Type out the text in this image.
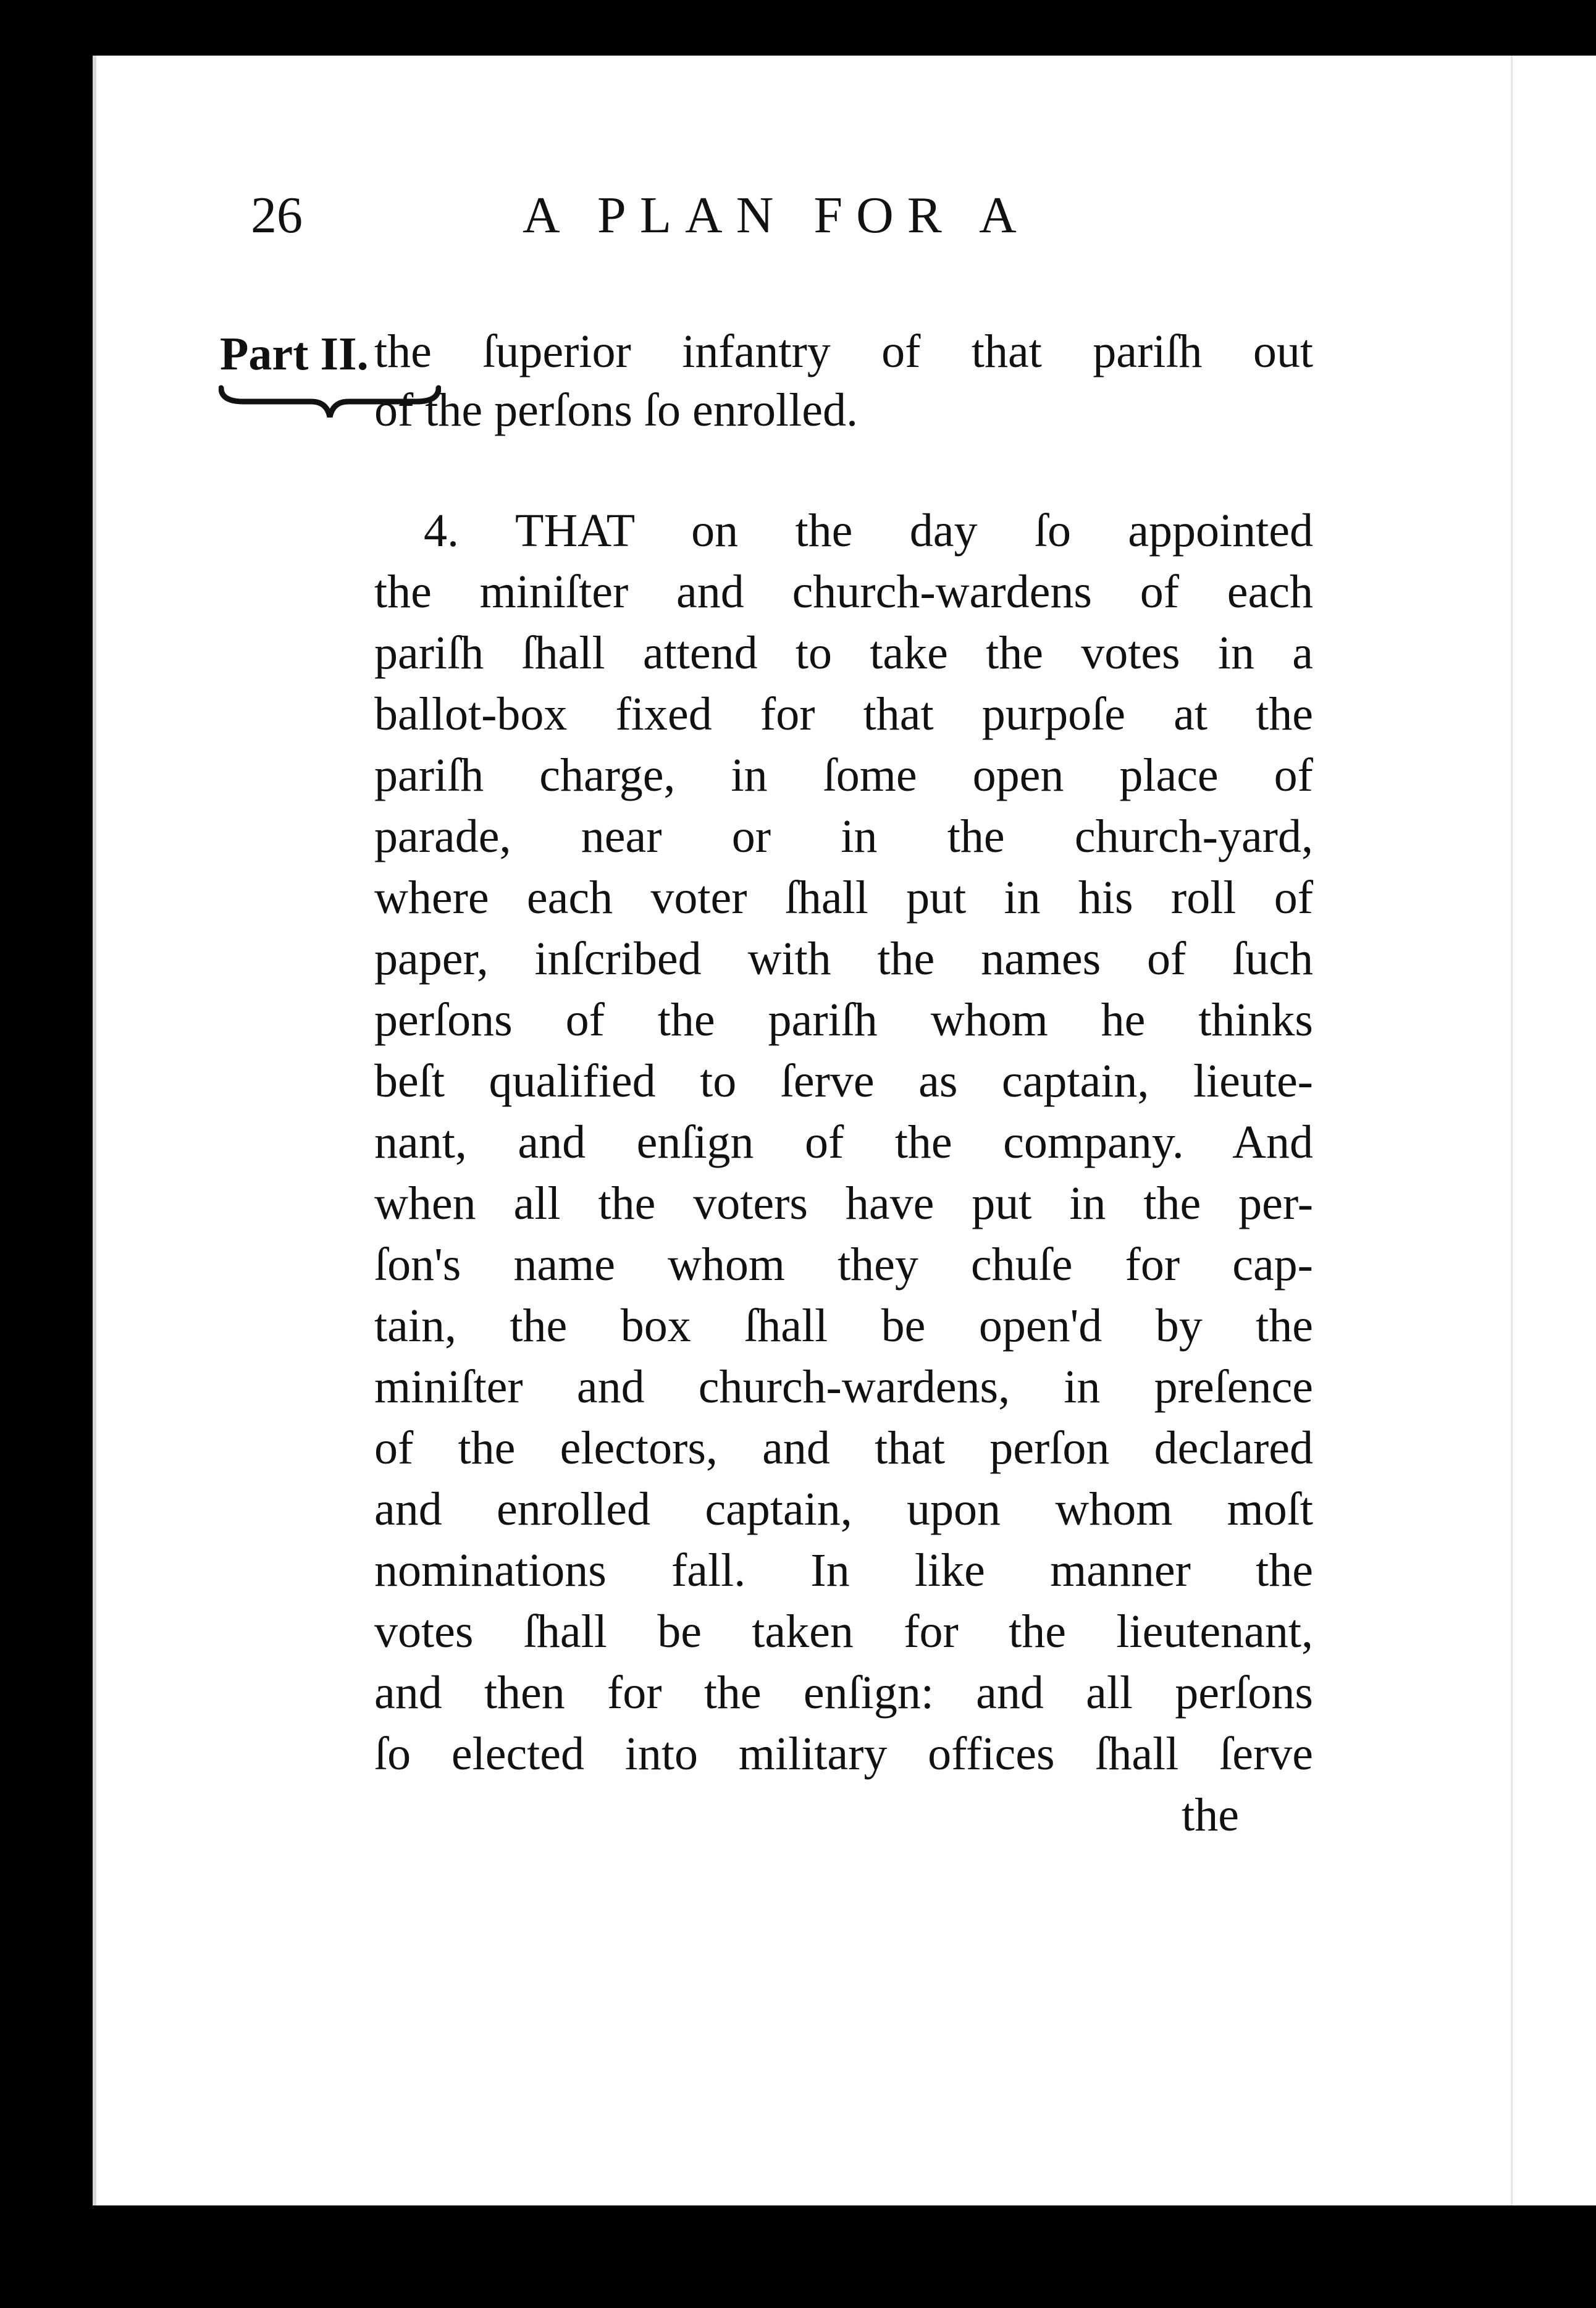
26	A PLAN FOR A
Part II. the ſuperior infantry of that pariſh out
of the perſons ſo enrolled.
4. THAT on the day ſo appointed
the miniſter and church-wardens of each
pariſh ſhall attend to take the votes in a
ballot-box fixed for that purpoſe at the
pariſh charge, in ſome open place of
parade, near or in the church-yard,
where each voter ſhall put in his roll of
paper, inſcribed with the names of ſuch
perſons of the pariſh whom he thinks
beſt qualified to ſerve as captain, lieute-
nant, and enſign of the company. And
when all the voters have put in the per-
ſon's name whom they chuſe for cap-
tain, the box ſhall be open'd by the
miniſter and church-wardens, in preſence
of the electors, and that perſon declared
and enrolled captain, upon whom moſt
nominations fall. In like manner the
votes ſhall be taken for the lieutenant,
and then for the enſign: and all perſons
ſo elected into military offices ſhall ſerve
the
